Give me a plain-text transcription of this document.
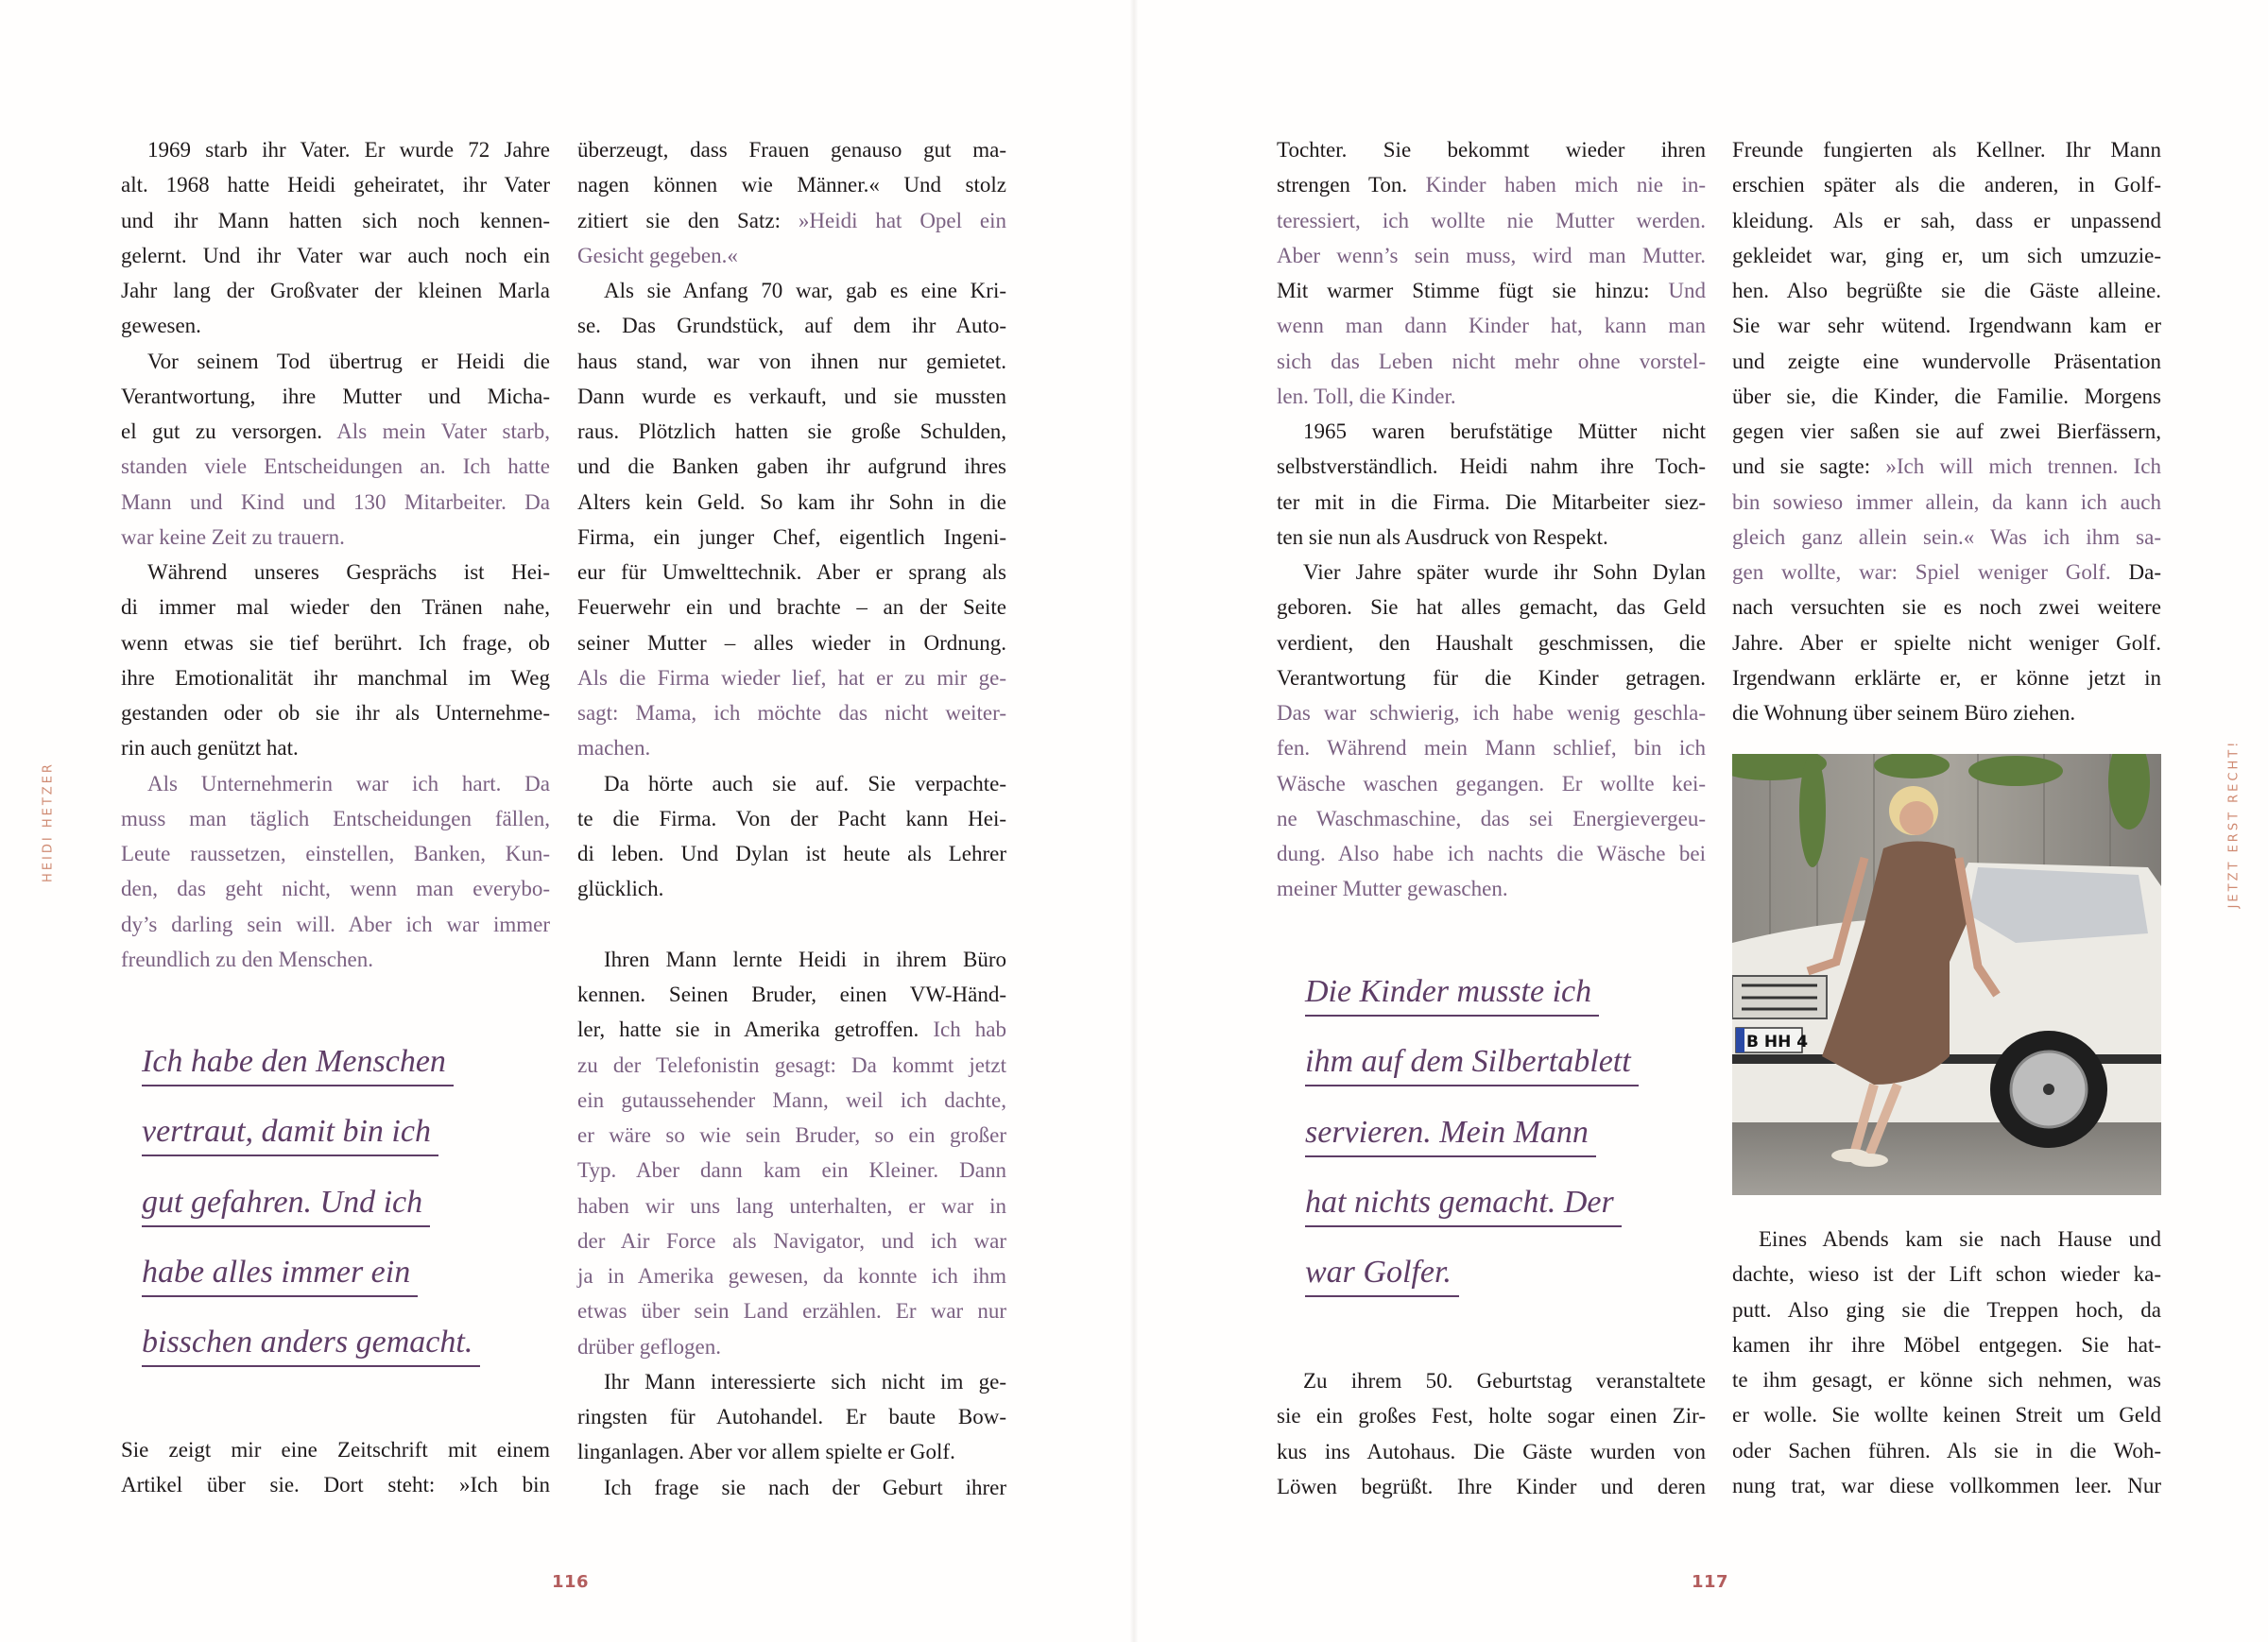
HEIDI HETZER
1969 starb ihr Vater. Er wurde 72 Jahre
alt. 1968 hatte Heidi geheiratet, ihr Vater
und ihr Mann hatten sich noch kennen-
gelernt. Und ihr Vater war auch noch ein
Jahr lang der Großvater der kleinen Marla
gewesen.
Vor seinem Tod übertrug er Heidi die
Verantwortung, ihre Mutter und Micha-
el gut zu versorgen. Als mein Vater starb,
standen viele Entscheidungen an. Ich hatte
Mann und Kind und 130 Mitarbeiter. Da
war keine Zeit zu trauern.
Während unseres Gesprächs ist Hei-
di immer mal wieder den Tränen nahe,
wenn etwas sie tief berührt. Ich frage, ob
ihre Emotionalität ihr manchmal im Weg
gestanden oder ob sie ihr als Unternehme-
rin auch genützt hat.
Als Unternehmerin war ich hart. Da
muss man täglich Entscheidungen fällen,
Leute raussetzen, einstellen, Banken, Kun-
den, das geht nicht, wenn man everybo-
dy’s darling sein will. Aber ich war immer
freundlich zu den Menschen.
Ich habe den Menschen
vertraut, damit bin ich
gut gefahren. Und ich
habe alles immer ein
bisschen anders gemacht.
Sie zeigt mir eine Zeitschrift mit einem
Artikel über sie. Dort steht: »Ich bin
überzeugt, dass Frauen genauso gut ma-
nagen können wie Männer.« Und stolz
zitiert sie den Satz: »Heidi hat Opel ein
Gesicht gegeben.«
Als sie Anfang 70 war, gab es eine Kri-
se. Das Grundstück, auf dem ihr Auto-
haus stand, war von ihnen nur gemietet.
Dann wurde es verkauft, und sie mussten
raus. Plötzlich hatten sie große Schulden,
und die Banken gaben ihr aufgrund ihres
Alters kein Geld. So kam ihr Sohn in die
Firma, ein junger Chef, eigentlich Ingeni-
eur für Umwelttechnik. Aber er sprang als
Feuerwehr ein und brachte – an der Seite
seiner Mutter – alles wieder in Ordnung.
Als die Firma wieder lief, hat er zu mir ge-
sagt: Mama, ich möchte das nicht weiter-
machen.
Da hörte auch sie auf. Sie verpachte-
te die Firma. Von der Pacht kann Hei-
di leben. Und Dylan ist heute als Lehrer
glücklich.
Ihren Mann lernte Heidi in ihrem Büro
kennen. Seinen Bruder, einen VW-Händ-
ler, hatte sie in Amerika getroffen. Ich hab
zu der Telefonistin gesagt: Da kommt jetzt
ein gutaussehender Mann, weil ich dachte,
er wäre so wie sein Bruder, so ein großer
Typ. Aber dann kam ein Kleiner. Dann
haben wir uns lang unterhalten, er war in
der Air Force als Navigator, und ich war
ja in Amerika gewesen, da konnte ich ihm
etwas über sein Land erzählen. Er war nur
drüber geflogen.
Ihr Mann interessierte sich nicht im ge-
ringsten für Autohandel. Er baute Bow-
linganlagen. Aber vor allem spielte er Golf.
Ich frage sie nach der Geburt ihrer
116
Tochter. Sie bekommt wieder ihren
strengen Ton. Kinder haben mich nie in-
teressiert, ich wollte nie Mutter werden.
Aber wenn’s sein muss, wird man Mutter.
Mit warmer Stimme fügt sie hinzu: Und
wenn man dann Kinder hat, kann man
sich das Leben nicht mehr ohne vorstel-
len. Toll, die Kinder.
1965 waren berufstätige Mütter nicht
selbstverständlich. Heidi nahm ihre Toch-
ter mit in die Firma. Die Mitarbeiter siez-
ten sie nun als Ausdruck von Respekt.
Vier Jahre später wurde ihr Sohn Dylan
geboren. Sie hat alles gemacht, das Geld
verdient, den Haushalt geschmissen, die
Verantwortung für die Kinder getragen.
Das war schwierig, ich habe wenig geschla-
fen. Während mein Mann schlief, bin ich
Wäsche waschen gegangen. Er wollte kei-
ne Waschmaschine, das sei Energievergeu-
dung. Also habe ich nachts die Wäsche bei
meiner Mutter gewaschen.
Die Kinder musste ich
ihm auf dem Silbertablett
servieren. Mein Mann
hat nichts gemacht. Der
war Golfer.
Zu ihrem 50. Geburtstag veranstaltete
sie ein großes Fest, holte sogar einen Zir-
kus ins Autohaus. Die Gäste wurden von
Löwen begrüßt. Ihre Kinder und deren
Freunde fungierten als Kellner. Ihr Mann
erschien später als die anderen, in Golf-
kleidung. Als er sah, dass er unpassend
gekleidet war, ging er, um sich umzuzie-
hen. Also begrüßte sie die Gäste alleine.
Sie war sehr wütend. Irgendwann kam er
und zeigte eine wundervolle Präsentation
über sie, die Kinder, die Familie. Morgens
gegen vier saßen sie auf zwei Bierfässern,
und sie sagte: »Ich will mich trennen. Ich
bin sowieso immer allein, da kann ich auch
gleich ganz allein sein.« Was ich ihm sa-
gen wollte, war: Spiel weniger Golf. Da-
nach versuchten sie es noch zwei weitere
Jahre. Aber er spielte nicht weniger Golf.
Irgendwann erklärte er, er könne jetzt in
die Wohnung über seinem Büro ziehen.
B HH 4
Eines Abends kam sie nach Hause und
dachte, wieso ist der Lift schon wieder ka-
putt. Also ging sie die Treppen hoch, da
kamen ihr ihre Möbel entgegen. Sie hat-
te ihm gesagt, er könne sich nehmen, was
er wolle. Sie wollte keinen Streit um Geld
oder Sachen führen. Als sie in die Woh-
nung trat, war diese vollkommen leer. Nur
117
JETZT ERST RECHT!
